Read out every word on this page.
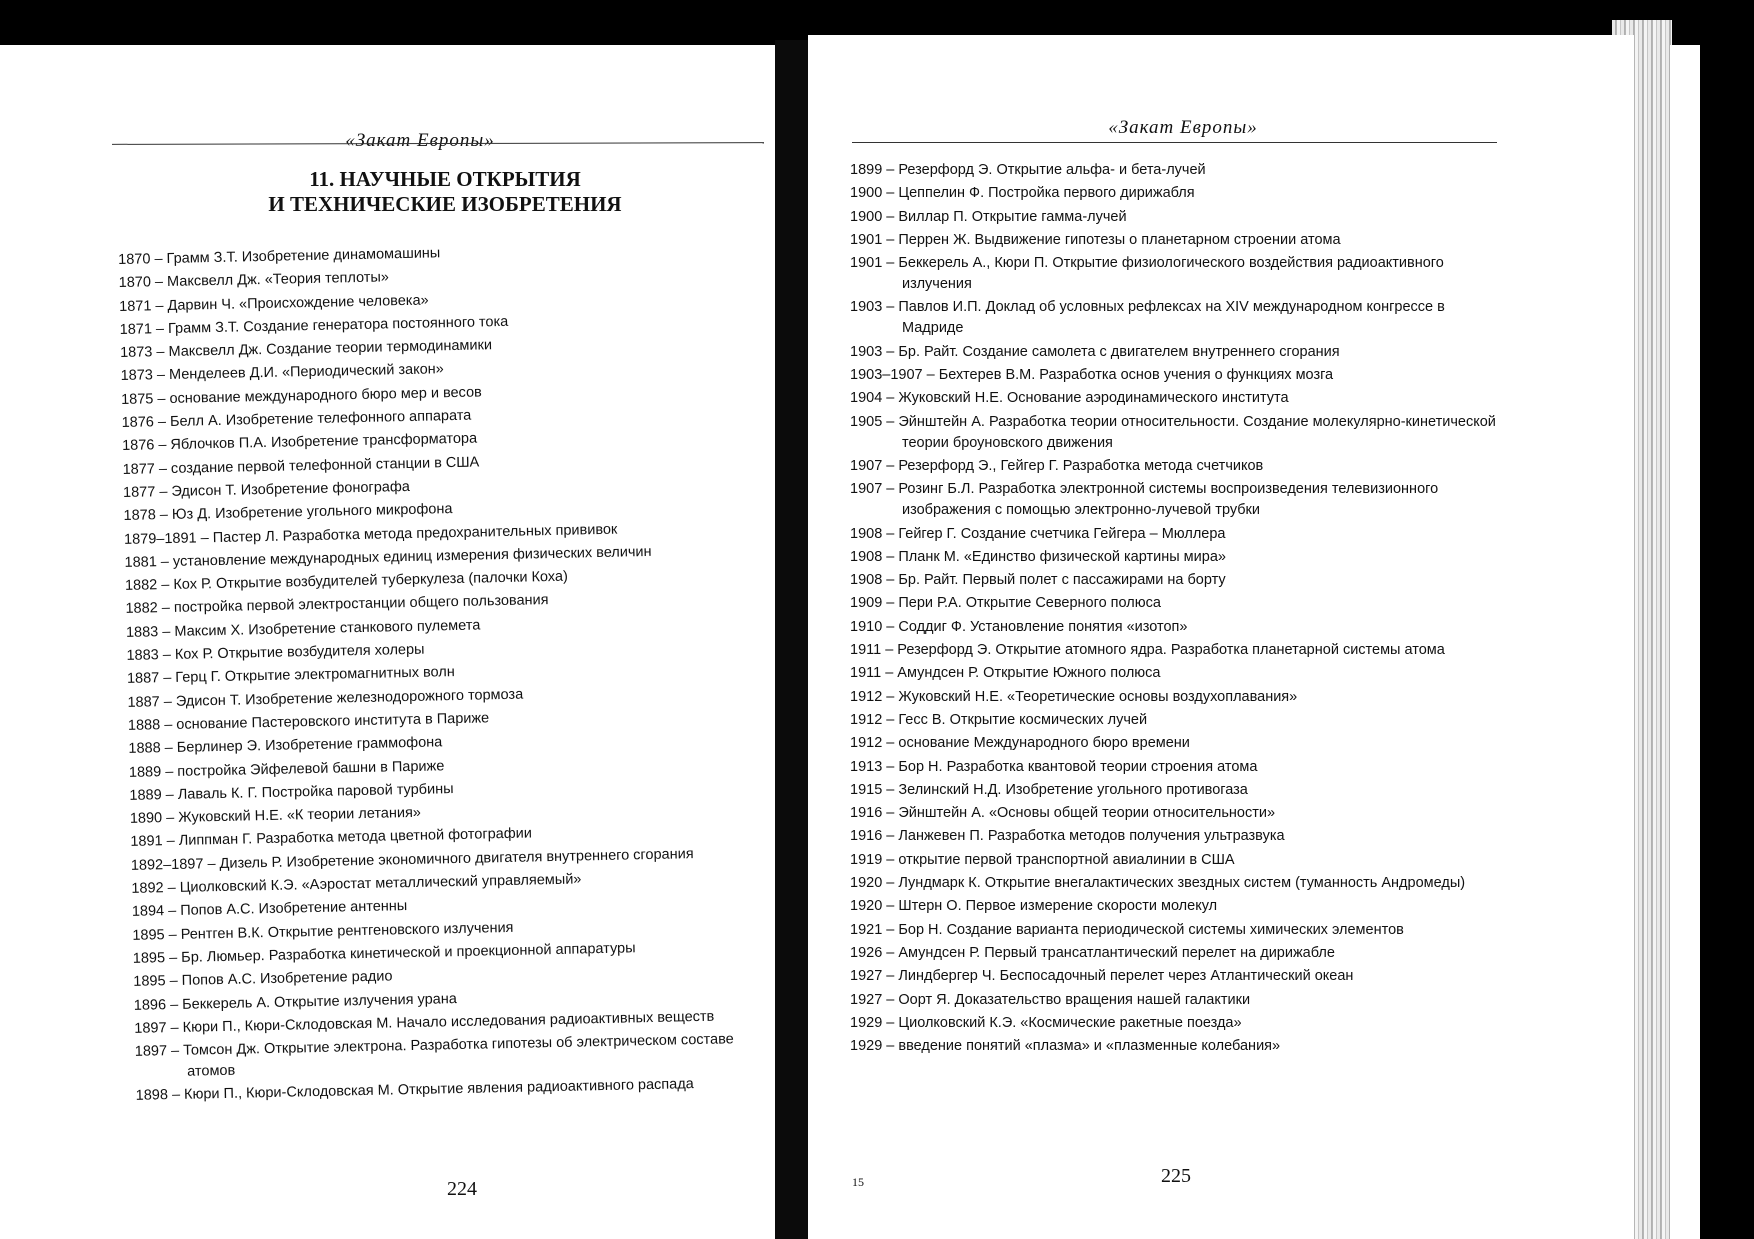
«Закат Европы»
11. НАУЧНЫЕ ОТКРЫТИЯ
И ТЕХНИЧЕСКИЕ ИЗОБРЕТЕНИЯ
1870 – Грамм З.Т. Изобретение динамомашины
1870 – Максвелл Дж. «Теория теплоты»
1871 – Дарвин Ч. «Происхождение человека»
1871 – Грамм З.Т. Создание генератора постоянного тока
1873 – Максвелл Дж. Создание теории термодинамики
1873 – Менделеев Д.И. «Периодический закон»
1875 – основание международного бюро мер и весов
1876 – Белл А. Изобретение телефонного аппарата
1876 – Яблочков П.А. Изобретение трансформатора
1877 – создание первой телефонной станции в США
1877 – Эдисон Т. Изобретение фонографа
1878 – Юз Д. Изобретение угольного микрофона
1879–1891 – Пастер Л. Разработка метода предохранительных прививок
1881 – установление международных единиц измерения физических величин
1882 – Кох Р. Открытие возбудителей туберкулеза (палочки Коха)
1882 – постройка первой электростанции общего пользования
1883 – Максим Х. Изобретение станкового пулемета
1883 – Кох Р. Открытие возбудителя холеры
1887 – Герц Г. Открытие электромагнитных волн
1887 – Эдисон Т. Изобретение железнодорожного тормоза
1888 – основание Пастеровского института в Париже
1888 – Берлинер Э. Изобретение граммофона
1889 – постройка Эйфелевой башни в Париже
1889 – Лаваль К. Г. Постройка паровой турбины
1890 – Жуковский Н.Е. «К теории летания»
1891 – Липпман Г. Разработка метода цветной фотографии
1892–1897 – Дизель Р. Изобретение экономичного двигателя внутреннего сгорания
1892 – Циолковский К.Э. «Аэростат металлический управляемый»
1894 – Попов А.С. Изобретение антенны
1895 – Рентген В.К. Открытие рентгеновского излучения
1895 – Бр. Люмьер. Разработка кинетической и проекционной аппаратуры
1895 – Попов А.С. Изобретение радио
1896 – Беккерель А. Открытие излучения урана
1897 – Кюри П., Кюри-Склодовская М. Начало исследования радиоактивных веществ
1897 – Томсон Дж. Открытие электрона. Разработка гипотезы об электрическом составе атомов
1898 – Кюри П., Кюри-Склодовская М. Открытие явления радиоактивного распада
224
«Закат Европы»
1899 – Резерфорд Э. Открытие альфа- и бета-лучей
1900 – Цеппелин Ф. Постройка первого дирижабля
1900 – Виллар П. Открытие гамма-лучей
1901 – Перрен Ж. Выдвижение гипотезы о планетарном строении атома
1901 – Беккерель А., Кюри П. Открытие физиологического воздействия радиоактивного излучения
1903 – Павлов И.П. Доклад об условных рефлексах на XIV международном конгрессе в Мадриде
1903 – Бр. Райт. Создание самолета с двигателем внутреннего сгорания
1903–1907 – Бехтерев В.М. Разработка основ учения о функциях мозга
1904 – Жуковский Н.Е. Основание аэродинамического института
1905 – Эйнштейн А. Разработка теории относительности. Создание молекулярно-кинетической теории броуновского движения
1907 – Резерфорд Э., Гейгер Г. Разработка метода счетчиков
1907 – Розинг Б.Л. Разработка электронной системы воспроизведения телевизионного изображения с помощью электронно-лучевой трубки
1908 – Гейгер Г. Создание счетчика Гейгера – Мюллера
1908 – Планк М. «Единство физической картины мира»
1908 – Бр. Райт. Первый полет с пассажирами на борту
1909 – Пери Р.А. Открытие Северного полюса
1910 – Соддиг Ф. Установление понятия «изотоп»
1911 – Резерфорд Э. Открытие атомного ядра. Разработка планетарной системы атома
1911 – Амундсен Р. Открытие Южного полюса
1912 – Жуковский Н.Е. «Теоретические основы воздухоплавания»
1912 – Гесс В. Открытие космических лучей
1912 – основание Международного бюро времени
1913 – Бор Н. Разработка квантовой теории строения атома
1915 – Зелинский Н.Д. Изобретение угольного противогаза
1916 – Эйнштейн А. «Основы общей теории относительности»
1916 – Ланжевен П. Разработка методов получения ультразвука
1919 – открытие первой транспортной авиалинии в США
1920 – Лундмарк К. Открытие внегалактических звездных систем (туманность Андромеды)
1920 – Штерн О. Первое измерение скорости молекул
1921 – Бор Н. Создание варианта периодической системы химических элементов
1926 – Амундсен Р. Первый трансатлантический перелет на дирижабле
1927 – Линдбергер Ч. Беспосадочный перелет через Атлантический океан
1927 – Оорт Я. Доказательство вращения нашей галактики
1929 – Циолковский К.Э. «Космические ракетные поезда»
1929 – введение понятий «плазма» и «плазменные колебания»
15	225
